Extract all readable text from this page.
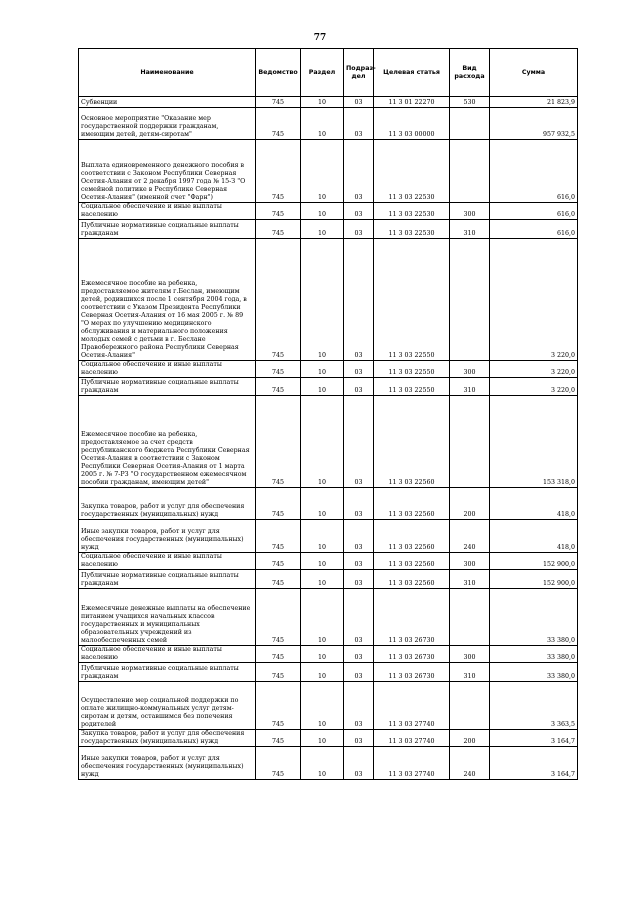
77
Наименование	Ведомство	Раздел	Подраз-дел	Целевая статья	Вид расхода	Сумма
Субвенции	745	10	03	11 3 01 22270	530	21 823,9
Основное мероприятие "Оказание мер государственной поддержки гражданам, имеющим детей, детям-сиротам"	745	10	03	11 3 03 00000		957 932,5
Выплата единовременного денежного пособия в соответствии с Законом Республики Северная Осетия-Алания от 2 декабря 1997 года № 15-З "О семейной политике в Республике Северная Осетия-Алания" (именной счет "Фарн")	745	10	03	11 3 03 22530		616,0
Социальное обеспечение и иные выплаты населению	745	10	03	11 3 03 22530	300	616,0
Публичные нормативные социальные выплаты гражданам	745	10	03	11 3 03 22530	310	616,0
Ежемесячное пособие на ребенка, предоставляемое жителям г.Беслан, имеющим детей, родившихся после 1 сентября 2004 года, в соответствии с Указом Президента Республики Северная Осетия-Алания от 16 мая 2005 г. № 89 "О мерах по улучшению медицинского обслуживания и материального положения молодых семей с детьми в г. Беслане Правобережного района Республики Северная Осетия-Алания"	745	10	03	11 3 03 22550		3 220,0
Социальное обеспечение и иные выплаты населению	745	10	03	11 3 03 22550	300	3 220,0
Публичные нормативные социальные выплаты гражданам	745	10	03	11 3 03 22550	310	3 220,0
Ежемесячное пособие на ребенка, предоставляемое за счет средств республиканского бюджета Республики Северная Осетия-Алания в соответствии с Законом Республики Северная Осетия-Алания от 1 марта 2005 г. № 7-РЗ "О государственном ежемесячном пособии гражданам, имеющим детей"	745	10	03	11 3 03 22560		153 318,0
Закупка товаров, работ и услуг для обеспечения государственных (муниципальных) нужд	745	10	03	11 3 03 22560	200	418,0
Иные закупки товаров, работ и услуг для обеспечения государственных (муниципальных) нужд	745	10	03	11 3 03 22560	240	418,0
Социальное обеспечение и иные выплаты населению	745	10	03	11 3 03 22560	300	152 900,0
Публичные нормативные социальные выплаты гражданам	745	10	03	11 3 03 22560	310	152 900,0
Ежемесячные денежные выплаты на обеспечение питанием учащихся начальных классов государственных и муниципальных образовательных учреждений из малообеспеченных семей	745	10	03	11 3 03 26730		33 380,0
Социальное обеспечение и иные выплаты населению	745	10	03	11 3 03 26730	300	33 380,0
Публичные нормативные социальные выплаты гражданам	745	10	03	11 3 03 26730	310	33 380,0
Осуществление мер социальной поддержки по оплате жилищно-коммунальных услуг детям-сиротам и детям, оставшимся без попечения родителей	745	10	03	11 3 03 27740		3 363,5
Закупка товаров, работ и услуг для обеспечения государственных (муниципальных) нужд	745	10	03	11 3 03 27740	200	3 164,7
Иные закупки товаров, работ и услуг для обеспечения государственных (муниципальных) нужд	745	10	03	11 3 03 27740	240	3 164,7
